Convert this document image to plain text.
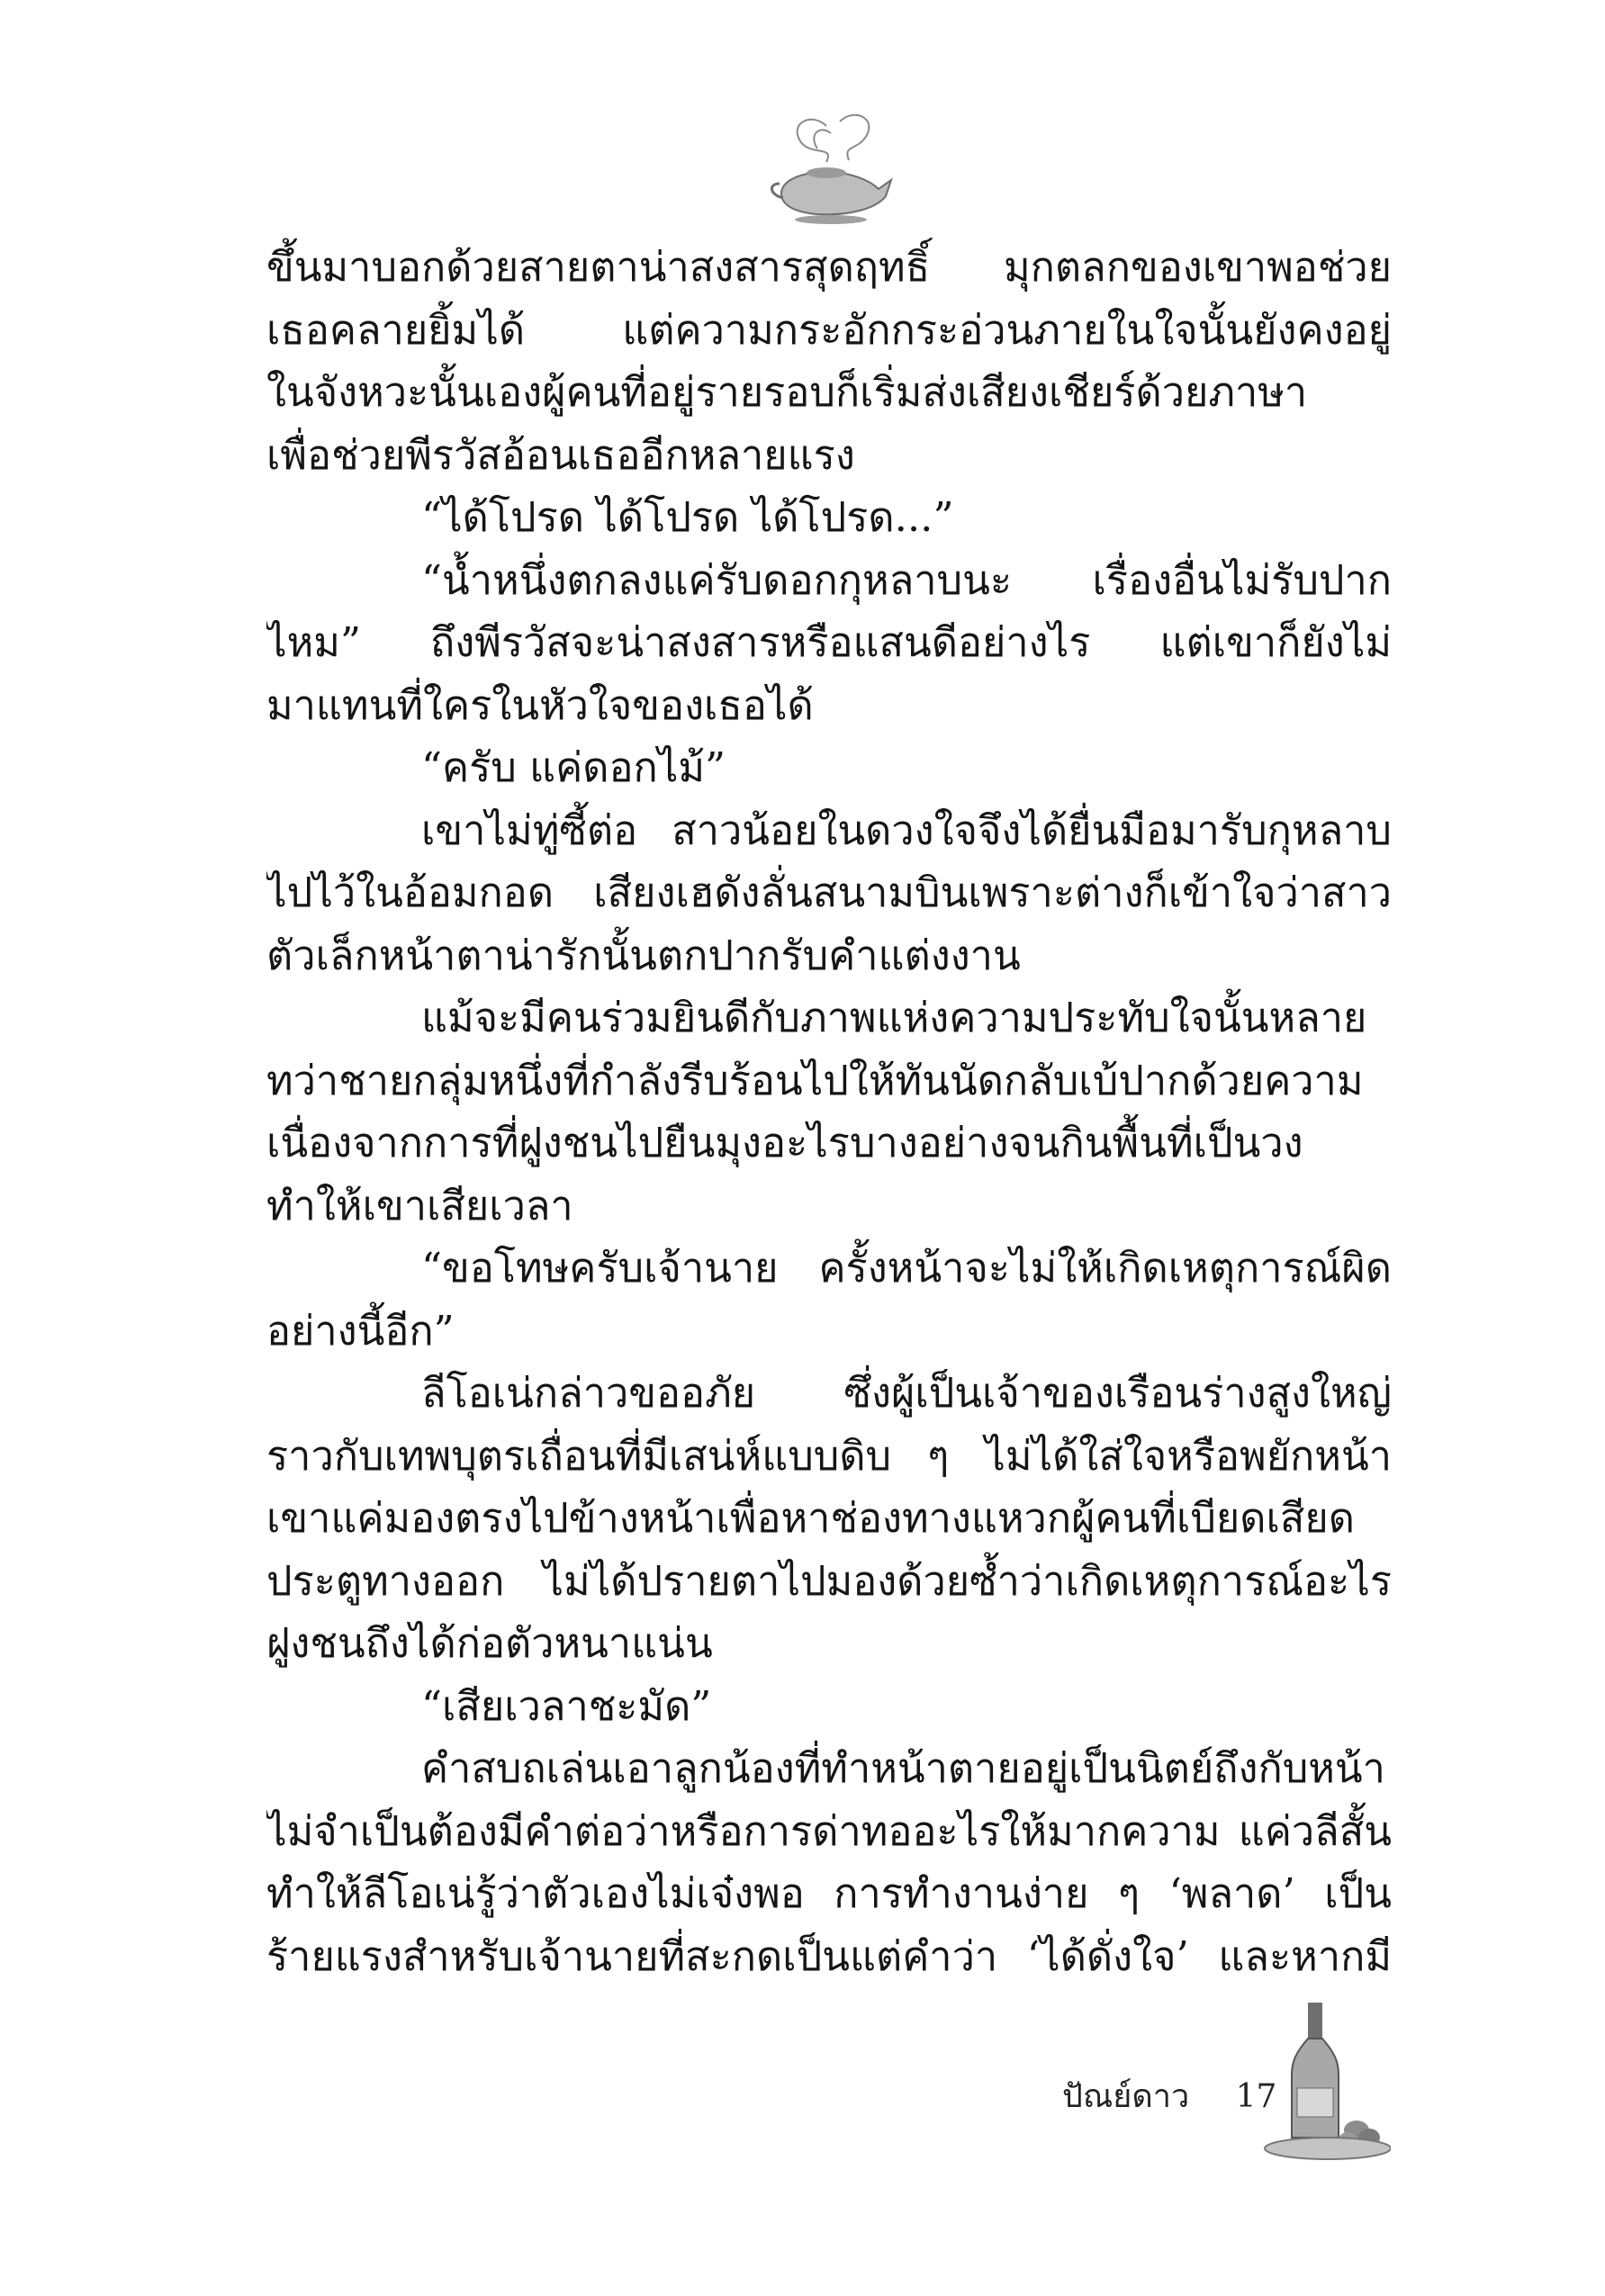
ขึ้นมาบอกด้วยสายตาน่าสงสารสุดฤทธิ์ มุกตลกของเขาพอช่วย
เธอคลายยิ้มได้ แต่ความกระอักกระอ่วนภายในใจนั้นยังคงอยู่
ในจังหวะนั้นเองผู้คนที่อยู่รายรอบก็เริ่มส่งเสียงเชียร์ด้วยภาษา
เพื่อช่วยพีรวัสอ้อนเธออีกหลายแรง
“ได้โปรด ได้โปรด ได้โปรด...”
“น้ำหนึ่งตกลงแค่รับดอกกุหลาบนะ เรื่องอื่นไม่รับปาก
ไหม” ถึงพีรวัสจะน่าสงสารหรือแสนดีอย่างไร แต่เขาก็ยังไม่
มาแทนที่ใครในหัวใจของเธอได้
“ครับ แค่ดอกไม้”
เขาไม่ทู่ซี้ต่อ สาวน้อยในดวงใจจึงได้ยื่นมือมารับกุหลาบ
ไปไว้ในอ้อมกอด เสียงเฮดังลั่นสนามบินเพราะต่างก็เข้าใจว่าสาว
ตัวเล็กหน้าตาน่ารักนั้นตกปากรับคำแต่งงาน
แม้จะมีคนร่วมยินดีกับภาพแห่งความประทับใจนั้นหลาย
ทว่าชายกลุ่มหนึ่งที่กำลังรีบร้อนไปให้ทันนัดกลับเบ้ปากด้วยความ
เนื่องจากการที่ฝูงชนไปยืนมุงอะไรบางอย่างจนกินพื้นที่เป็นวง
ทำให้เขาเสียเวลา
“ขอโทษครับเจ้านาย ครั้งหน้าจะไม่ให้เกิดเหตุการณ์ผิด
อย่างนี้อีก”
ลีโอเน่กล่าวขออภัย ซึ่งผู้เป็นเจ้าของเรือนร่างสูงใหญ่
ราวกับเทพบุตรเถื่อนที่มีเสน่ห์แบบดิบ ๆ ไม่ได้ใส่ใจหรือพยักหน้า
เขาแค่มองตรงไปข้างหน้าเพื่อหาช่องทางแหวกผู้คนที่เบียดเสียด
ประตูทางออก ไม่ได้ปรายตาไปมองด้วยซ้ำว่าเกิดเหตุการณ์อะไร
ฝูงชนถึงได้ก่อตัวหนาแน่น
“เสียเวลาชะมัด”
คำสบถเล่นเอาลูกน้องที่ทำหน้าตายอยู่เป็นนิตย์ถึงกับหน้า
ไม่จำเป็นต้องมีคำต่อว่าหรือการด่าทออะไรให้มากความ แค่วลีสั้น
ทำให้ลีโอเน่รู้ว่าตัวเองไม่เจ๋งพอ การทำงานง่าย ๆ ‘พลาด’ เป็น
ร้ายแรงสำหรับเจ้านายที่สะกดเป็นแต่คำว่า ‘ได้ดั่งใจ’ และหากมี
ปัณย์ดาว 17
